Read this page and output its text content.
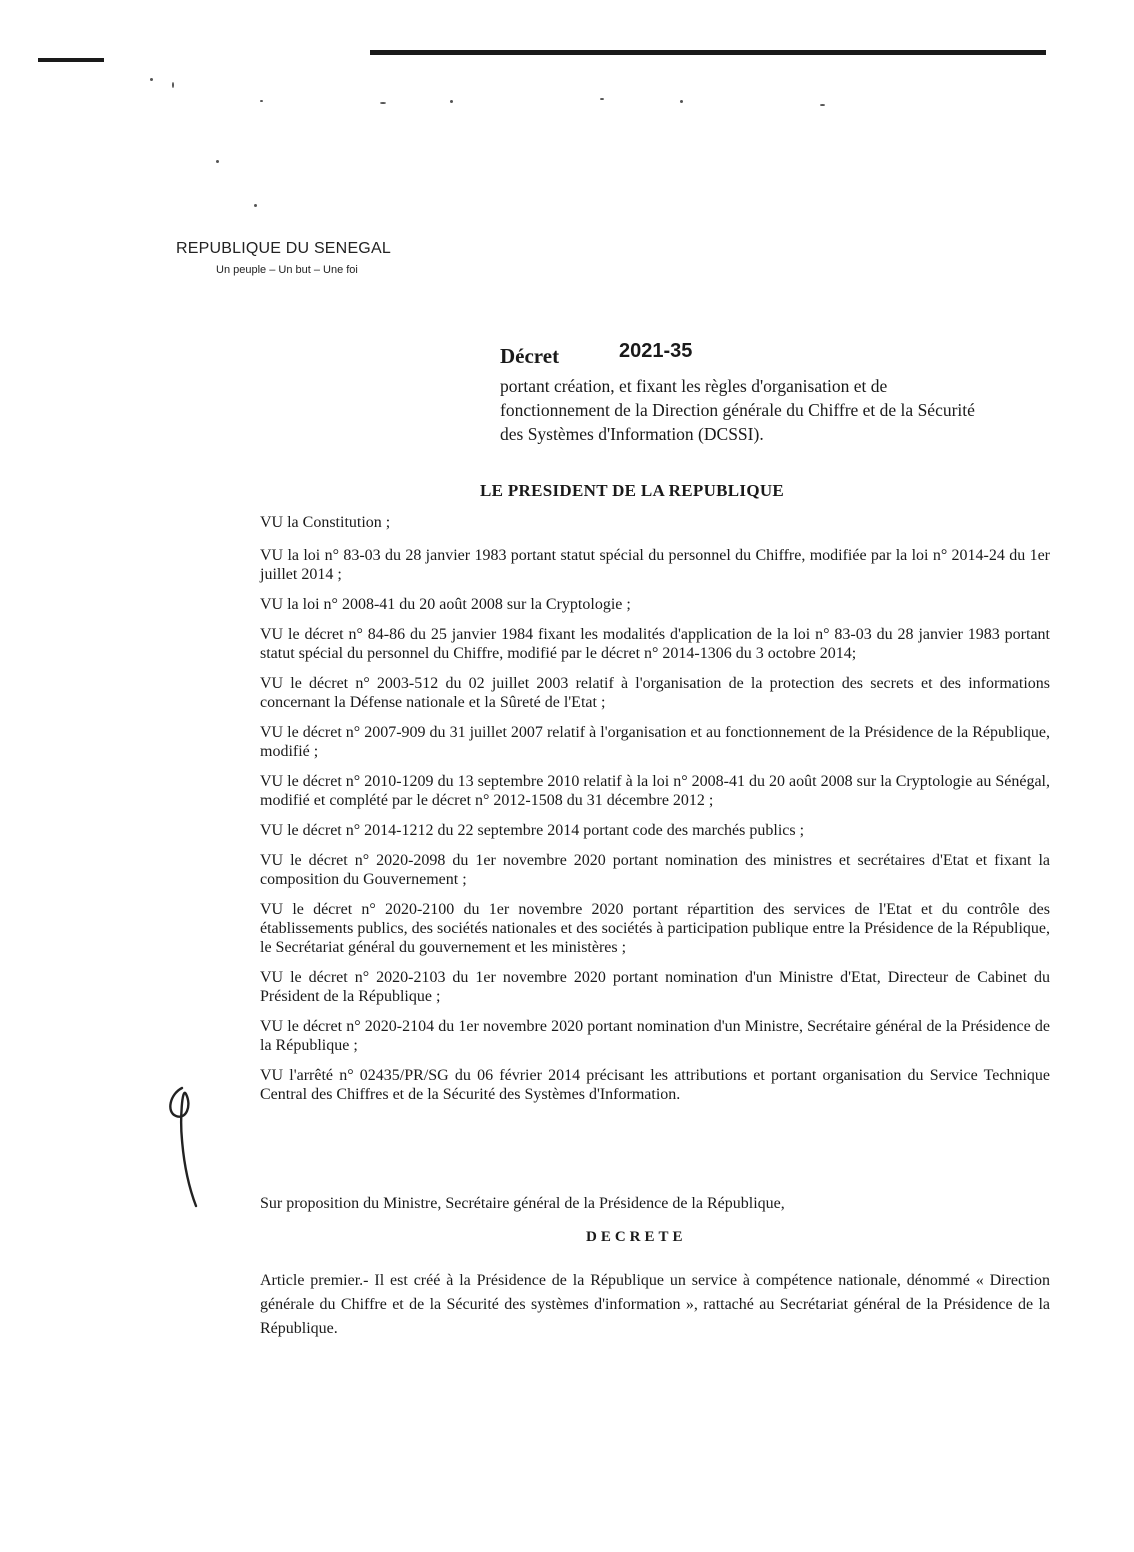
REPUBLIQUE DU SENEGAL
Un peuple – Un but – Une foi
Décret	2021-35
portant création, et fixant les règles d'organisation et de fonctionnement de la Direction générale du Chiffre et de la Sécurité des Systèmes d'Information (DCSSI).
LE PRESIDENT DE LA REPUBLIQUE

VU la Constitution ;

VU la loi n° 83-03 du 28 janvier 1983 portant statut spécial du personnel du Chiffre, modifiée par la loi n° 2014-24 du 1er juillet 2014 ;

VU la loi n° 2008-41 du 20 août 2008 sur la Cryptologie ;

VU le décret n° 84-86 du 25 janvier 1984 fixant les modalités d'application de la loi n° 83-03 du 28 janvier 1983 portant statut spécial du personnel du Chiffre, modifié par le décret n° 2014-1306 du 3 octobre 2014;

VU le décret n° 2003-512 du 02 juillet 2003 relatif à l'organisation de la protection des secrets et des informations concernant la Défense nationale et la Sûreté de l'Etat ;

VU le décret n° 2007-909 du 31 juillet 2007 relatif à l'organisation et au fonctionnement de la Présidence de la République, modifié ;

VU le décret n° 2010-1209 du 13 septembre 2010 relatif à la loi n° 2008-41 du 20 août 2008 sur la Cryptologie au Sénégal, modifié et complété par le décret n° 2012-1508 du 31 décembre 2012 ;

VU le décret n° 2014-1212 du 22 septembre 2014 portant code des marchés publics ;

VU le décret n° 2020-2098 du 1er novembre 2020 portant nomination des ministres et secrétaires d'Etat et fixant la composition du Gouvernement ;

VU le décret n° 2020-2100 du 1er novembre 2020 portant répartition des services de l'Etat et du contrôle des établissements publics, des sociétés nationales et des sociétés à participation publique entre la Présidence de la République, le Secrétariat général du gouvernement et les ministères ;

VU le décret n° 2020-2103 du 1er novembre 2020 portant nomination d'un Ministre d'Etat, Directeur de Cabinet du Président de la République ;

VU le décret n° 2020-2104 du 1er novembre 2020 portant nomination d'un Ministre, Secrétaire général de la Présidence de la République ;

VU l'arrêté n° 02435/PR/SG du 06 février 2014 précisant les attributions et portant organisation du Service Technique Central des Chiffres et de la Sécurité des Systèmes d'Information.

Sur proposition du Ministre, Secrétaire général de la Présidence de la République,
DECRETE
Article premier.- Il est créé à la Présidence de la République un service à compétence nationale, dénommé « Direction générale du Chiffre et de la Sécurité des systèmes d'information », rattaché au Secrétariat général de la Présidence de la République.
